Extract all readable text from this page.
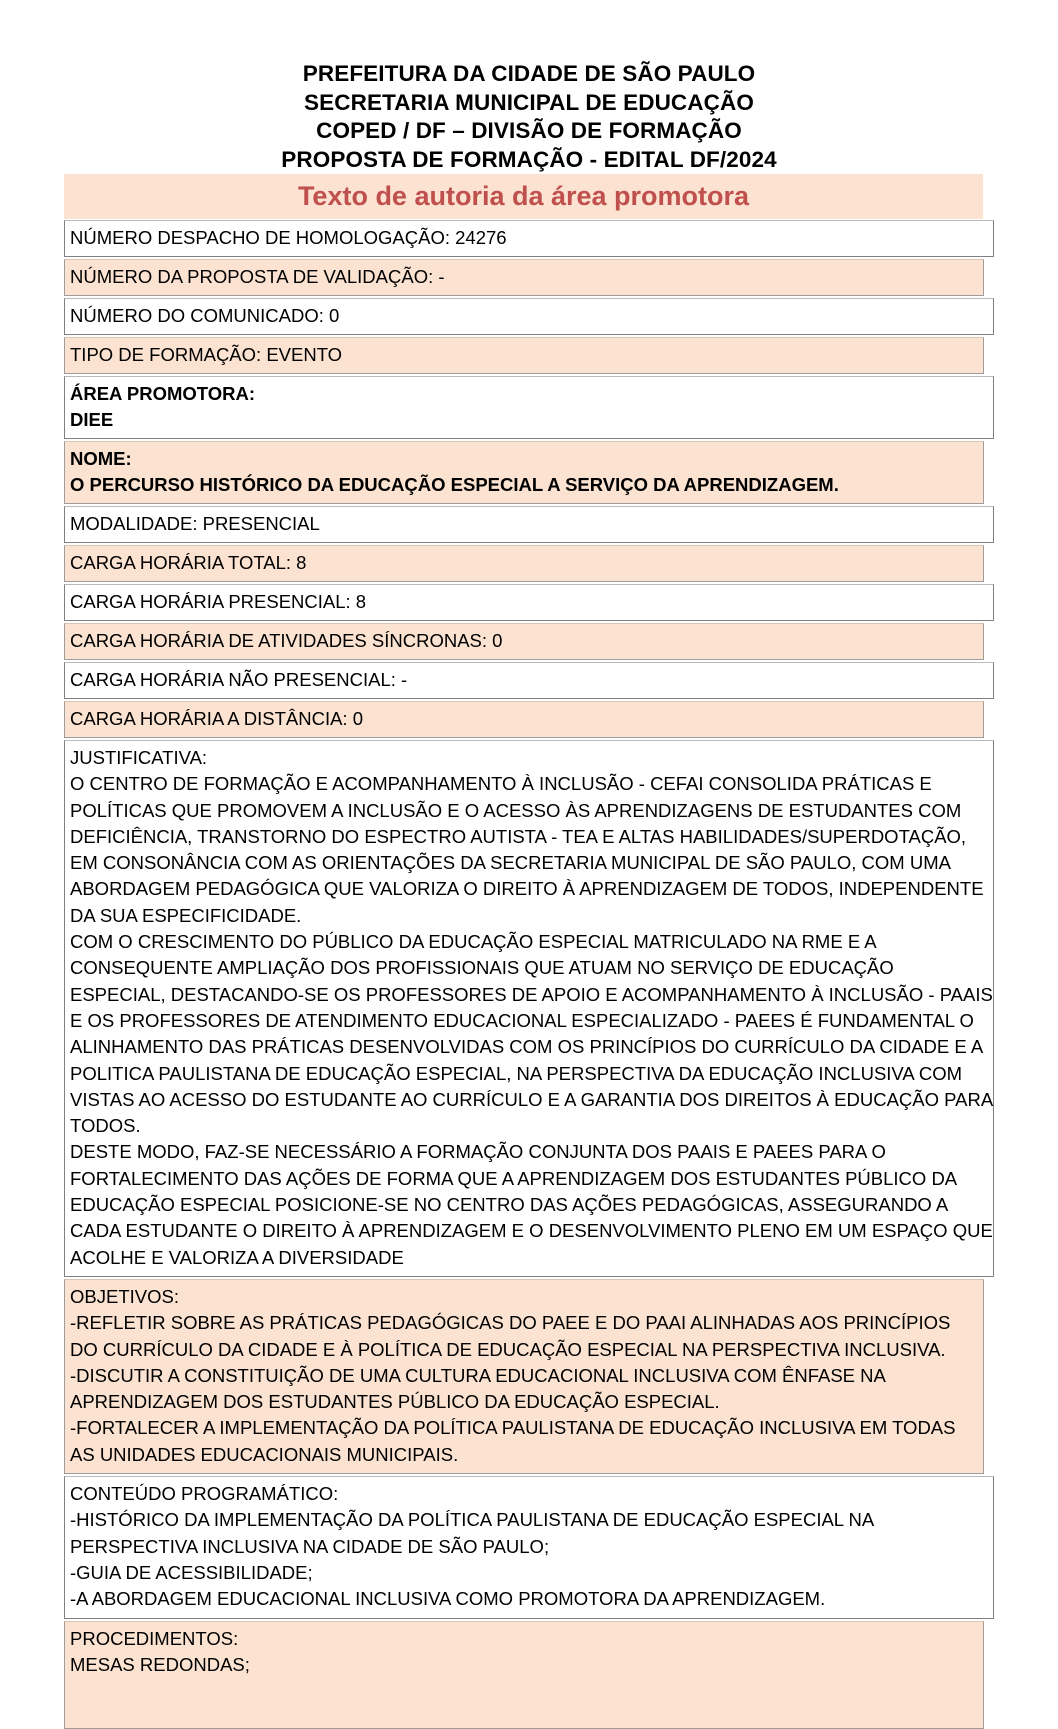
PREFEITURA DA CIDADE DE SÃO PAULO
SECRETARIA MUNICIPAL DE EDUCAÇÃO
COPED / DF – DIVISÃO DE FORMAÇÃO
PROPOSTA DE FORMAÇÃO - EDITAL DF/2024
Texto de autoria da área promotora

NÚMERO DESPACHO DE HOMOLOGAÇÃO: 24276

NÚMERO DA PROPOSTA DE VALIDAÇÃO: -

NÚMERO DO COMUNICADO: 0

TIPO DE FORMAÇÃO: EVENTO

ÁREA PROMOTORA:

DIEE

NOME:

O PERCURSO HISTÓRICO DA EDUCAÇÃO ESPECIAL A SERVIÇO DA APRENDIZAGEM.

MODALIDADE: PRESENCIAL

CARGA HORÁRIA TOTAL: 8

CARGA HORÁRIA PRESENCIAL: 8

CARGA HORÁRIA DE ATIVIDADES SÍNCRONAS: 0

CARGA HORÁRIA NÃO PRESENCIAL: -

CARGA HORÁRIA A DISTÂNCIA: 0

JUSTIFICATIVA:

O CENTRO DE FORMAÇÃO E ACOMPANHAMENTO À INCLUSÃO - CEFAI CONSOLIDA PRÁTICAS E POLÍTICAS QUE PROMOVEM A INCLUSÃO E O ACESSO ÀS APRENDIZAGENS DE ESTUDANTES COM DEFICIÊNCIA, TRANSTORNO DO ESPECTRO AUTISTA - TEA E ALTAS HABILIDADES/SUPERDOTAÇÃO, EM CONSONÂNCIA COM AS ORIENTAÇÕES DA SECRETARIA MUNICIPAL DE SÃO PAULO, COM UMA ABORDAGEM PEDAGÓGICA QUE VALORIZA O DIREITO À APRENDIZAGEM DE TODOS, INDEPENDENTE DA SUA ESPECIFICIDADE.

COM O CRESCIMENTO DO PÚBLICO DA EDUCAÇÃO ESPECIAL MATRICULADO NA RME E A CONSEQUENTE AMPLIAÇÃO DOS PROFISSIONAIS QUE ATUAM NO SERVIÇO DE EDUCAÇÃO ESPECIAL, DESTACANDO-SE OS PROFESSORES DE APOIO E ACOMPANHAMENTO À INCLUSÃO - PAAIS E OS PROFESSORES DE ATENDIMENTO EDUCACIONAL ESPECIALIZADO - PAEES É FUNDAMENTAL O ALINHAMENTO DAS PRÁTICAS DESENVOLVIDAS COM OS PRINCÍPIOS DO CURRÍCULO DA CIDADE E A POLITICA PAULISTANA DE EDUCAÇÃO ESPECIAL, NA PERSPECTIVA DA EDUCAÇÃO INCLUSIVA COM VISTAS AO ACESSO DO ESTUDANTE AO CURRÍCULO E A GARANTIA DOS DIREITOS À EDUCAÇÃO PARA TODOS.

DESTE MODO, FAZ-SE NECESSÁRIO A FORMAÇÃO CONJUNTA DOS PAAIS E PAEES PARA O FORTALECIMENTO DAS AÇÕES DE FORMA QUE A APRENDIZAGEM DOS ESTUDANTES PÚBLICO DA EDUCAÇÃO ESPECIAL POSICIONE-SE NO CENTRO DAS AÇÕES PEDAGÓGICAS, ASSEGURANDO A CADA ESTUDANTE O DIREITO À APRENDIZAGEM E O DESENVOLVIMENTO PLENO EM UM ESPAÇO QUE ACOLHE E VALORIZA A DIVERSIDADE

OBJETIVOS:

-REFLETIR SOBRE AS PRÁTICAS PEDAGÓGICAS DO PAEE E DO PAAI ALINHADAS AOS PRINCÍPIOS DO CURRÍCULO DA CIDADE E À POLÍTICA DE EDUCAÇÃO ESPECIAL NA PERSPECTIVA INCLUSIVA.

-DISCUTIR A CONSTITUIÇÃO DE UMA CULTURA EDUCACIONAL INCLUSIVA COM ÊNFASE NA APRENDIZAGEM DOS ESTUDANTES PÚBLICO DA EDUCAÇÃO ESPECIAL.

-FORTALECER A IMPLEMENTAÇÃO DA POLÍTICA PAULISTANA DE EDUCAÇÃO INCLUSIVA EM TODAS AS UNIDADES EDUCACIONAIS MUNICIPAIS.

CONTEÚDO PROGRAMÁTICO:

-HISTÓRICO DA IMPLEMENTAÇÃO DA POLÍTICA PAULISTANA DE EDUCAÇÃO ESPECIAL NA PERSPECTIVA INCLUSIVA NA CIDADE DE SÃO PAULO;

-GUIA DE ACESSIBILIDADE;

-A ABORDAGEM EDUCACIONAL INCLUSIVA COMO PROMOTORA DA APRENDIZAGEM.

PROCEDIMENTOS:

MESAS REDONDAS;
